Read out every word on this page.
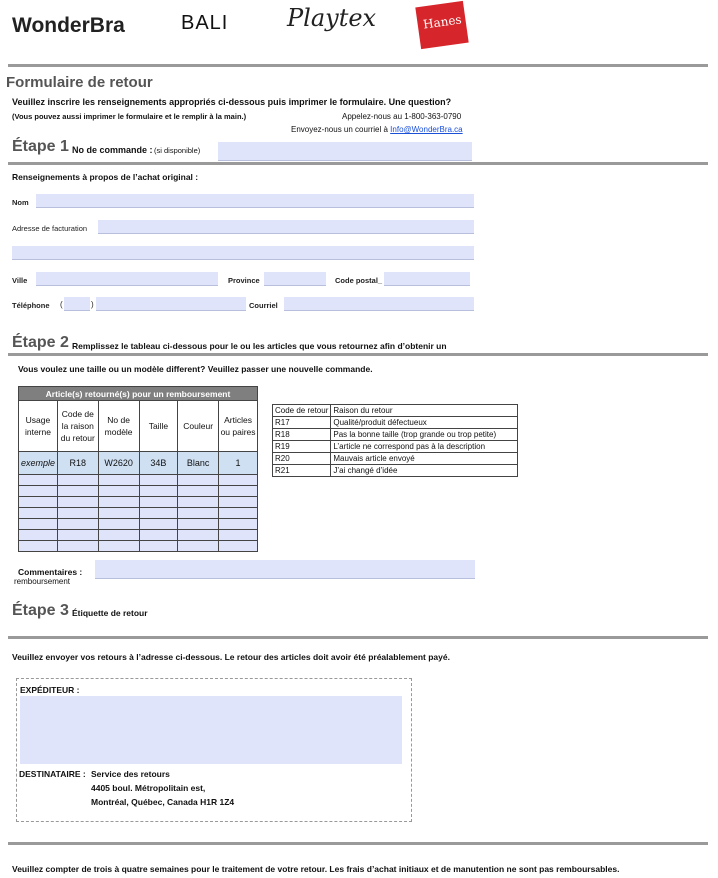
WonderBra	BALI Playtex	Hanes
Formulaire de retour
Veuillez inscrire les renseignements appropriés ci-dessous puis imprimer le formulaire. Une question?
(Vous pouvez aussi imprimer le formulaire et le remplir à la main.)	Appelez-nous au 1-800-363-0790
Envoyez-nous un courriel à Info@WonderBra.ca
Étape 1 No de commande : (si disponible)
Renseignements à propos de l’achat original :
Nom
Adresse de facturation
Ville	Province	Code postal_
Téléphone (	)	Courriel
Étape 2 Remplissez le tableau ci-dessous pour le ou les articles que vous retournez afin d’obtenir un
Vous voulez une taille ou un modèle different? Veuillez passer une nouvelle commande.
Article(s) retourné(s) pour un remboursement					
Usage interne	Code de la raison du retour	No de modèle	Taille	Couleur	Articles ou paires
exemple	R18	W2620	34B	Blanc	1

Code de retour	Raison du retour
R17	Qualité/produit défectueux
R18	Pas la bonne taille (trop grande ou trop petite)
R19	L’article ne correspond pas à la description
R20	Mauvais article envoyé
R21	J’ai changé d’idée
Commentaires :
remboursement
Étape 3 Étiquette de retour
Veuillez envoyer vos retours à l’adresse ci-dessous. Le retour des articles doit avoir été préalablement payé.
EXPÉDITEUR :
DESTINATAIRE : Service des retours
4405 boul. Métropolitain est,
Montréal, Québec, Canada H1R 1Z4
Veuillez compter de trois à quatre semaines pour le traitement de votre retour. Les frais d’achat initiaux et de manutention ne sont pas remboursables.
